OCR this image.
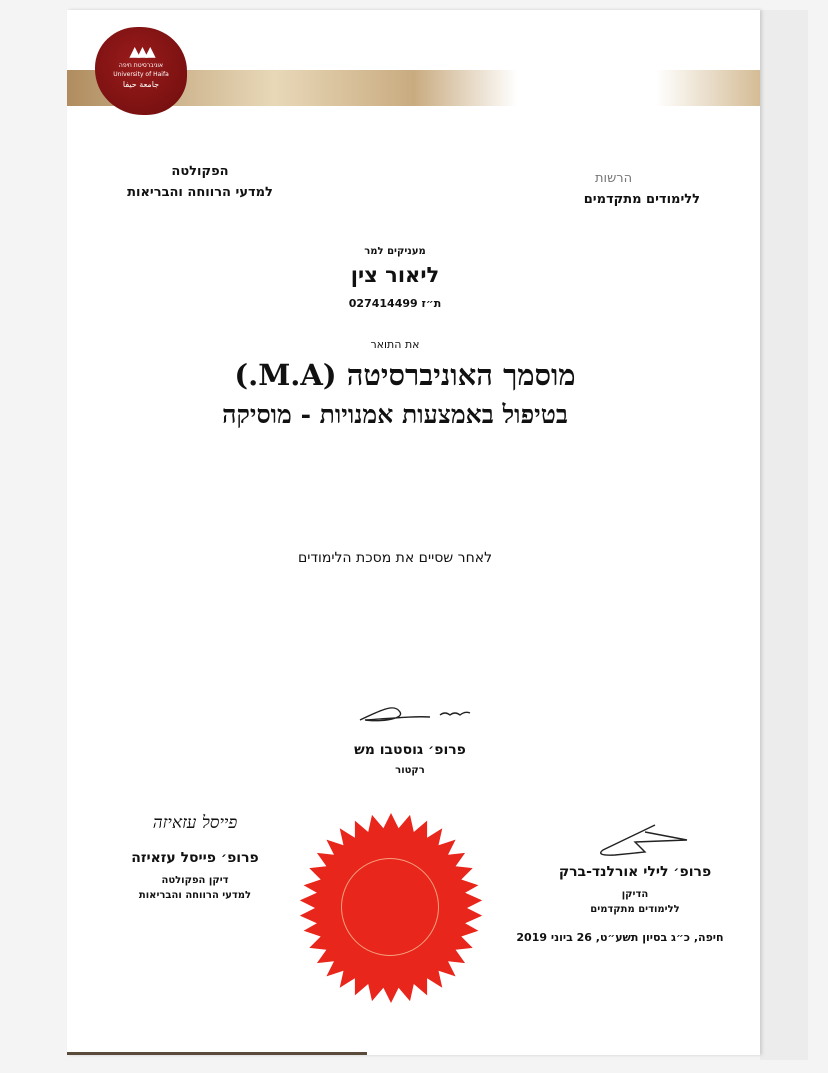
▲▲▲
אוניברסיטת חיפה
University of Haifa
جامعة حيفا
הפקולטה
למדעי הרווחה והבריאות
הרשות
ללימודים מתקדמים
מעניקים למר
ליאור צין
ת״ז 027414499
את התואר
מוסמך האוניברסיטה (M.A.)
בטיפול באמצעות אמנויות - מוסיקה
לאחר שסיים את מסכת הלימודים
פרופ׳ גוסטבו מש
רקטור
פייסל עזאיזה
פרופ׳ פייסל עזאיזה
דיקן הפקולטה
למדעי הרווחה והבריאות
פרופ׳ לילי אורלנד-ברק
הדיקן
ללימודים מתקדמים
חיפה, כ״ג בסיון תשע״ט, 26 ביוני 2019
